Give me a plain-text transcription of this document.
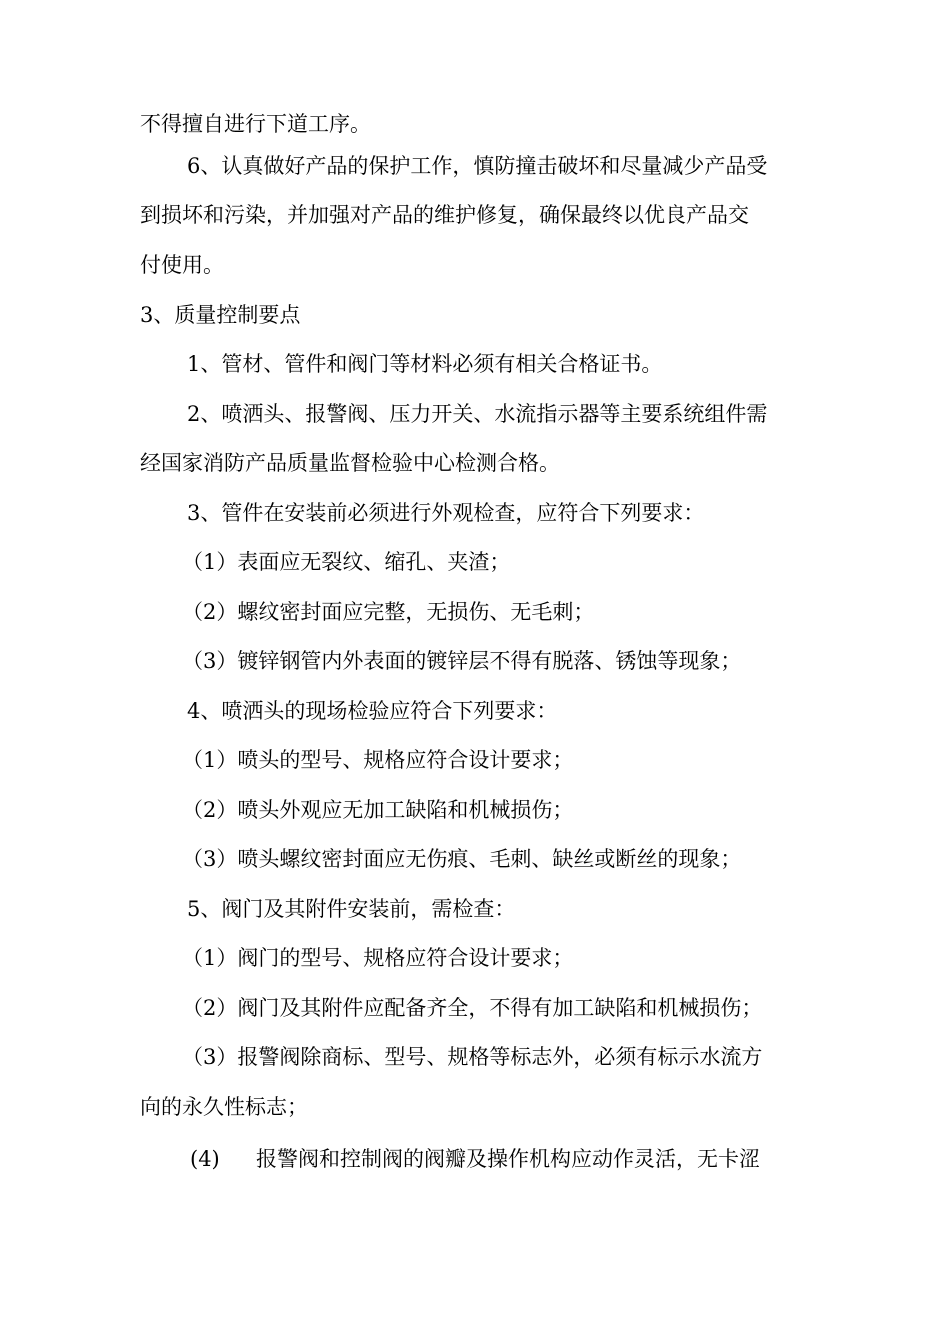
不得擅自进行下道工序。
6、认真做好产品的保护工作，慎防撞击破坏和尽量减少产品受
到损坏和污染，并加强对产品的维护修复，确保最终以优良产品交
付使用。
3、质量控制要点
1、管材、管件和阀门等材料必须有相关合格证书。
2、喷洒头、报警阀、压力开关、水流指示器等主要系统组件需
经国家消防产品质量监督检验中心检测合格。
3、管件在安装前必须进行外观检查，应符合下列要求：
（1）表面应无裂纹、缩孔、夹渣；
（2）螺纹密封面应完整，无损伤、无毛刺；
（3）镀锌钢管内外表面的镀锌层不得有脱落、锈蚀等现象；
4、喷洒头的现场检验应符合下列要求：
（1）喷头的型号、规格应符合设计要求；
（2）喷头外观应无加工缺陷和机械损伤；
（3）喷头螺纹密封面应无伤痕、毛刺、缺丝或断丝的现象；
5、阀门及其附件安装前，需检查：
（1）阀门的型号、规格应符合设计要求；
（2）阀门及其附件应配备齐全，不得有加工缺陷和机械损伤；
（3）报警阀除商标、型号、规格等标志外，必须有标示水流方
向的永久性标志；
(4) 报警阀和控制阀的阀瓣及操作机构应动作灵活，无卡涩
